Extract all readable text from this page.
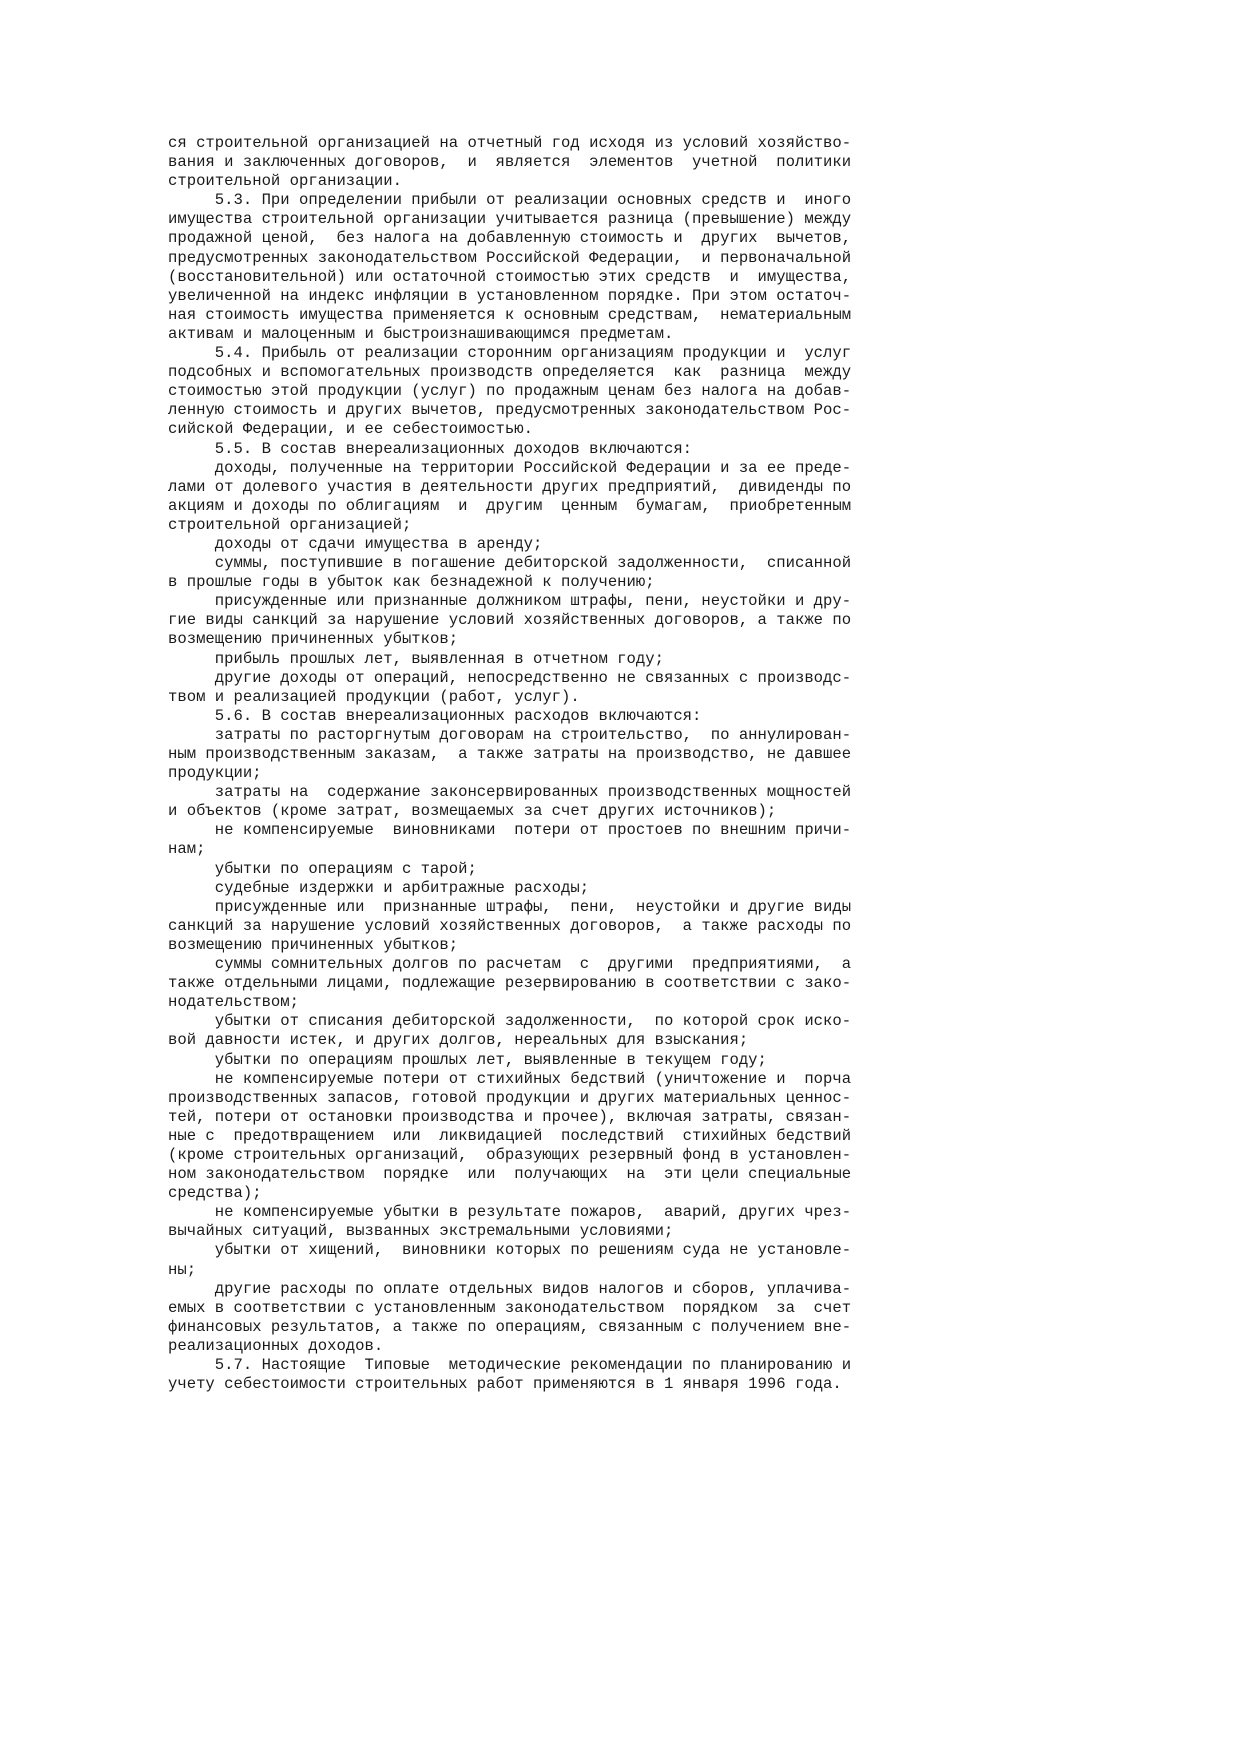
ся строительной организацией на отчетный год исходя из условий хозяйство-
вания и заключенных договоров,  и  является  элементов  учетной  политики
строительной организации.
5.3. При определении прибыли от реализации основных средств и  иного
имущества строительной организации учитывается разница (превышение) между
продажной ценой,  без налога на добавленную стоимость и  других  вычетов,
предусмотренных законодательством Российской Федерации,  и первоначальной
(восстановительной) или остаточной стоимостью этих средств  и  имущества,
увеличенной на индекс инфляции в установленном порядке. При этом остаточ-
ная стоимость имущества применяется к основным средствам,  нематериальным
активам и малоценным и быстроизнашивающимся предметам.
5.4. Прибыль от реализации сторонним организациям продукции и  услуг
подсобных и вспомогательных производств определяется  как  разница  между
стоимостью этой продукции (услуг) по продажным ценам без налога на добав-
ленную стоимость и других вычетов, предусмотренных законодательством Рос-
сийской Федерации, и ее себестоимостью.
5.5. В состав внереализационных доходов включаются:
доходы, полученные на территории Российской Федерации и за ее преде-
лами от долевого участия в деятельности других предприятий,  дивиденды по
акциям и доходы по облигациям  и  другим  ценным  бумагам,  приобретенным
строительной организацией;
доходы от сдачи имущества в аренду;
суммы, поступившие в погашение дебиторской задолженности,  списанной
в прошлые годы в убыток как безнадежной к получению;
присужденные или признанные должником штрафы, пени, неустойки и дру-
гие виды санкций за нарушение условий хозяйственных договоров, а также по
возмещению причиненных убытков;
прибыль прошлых лет, выявленная в отчетном году;
другие доходы от операций, непосредственно не связанных с производс-
твом и реализацией продукции (работ, услуг).
5.6. В состав внереализационных расходов включаются:
затраты по расторгнутым договорам на строительство,  по аннулирован-
ным производственным заказам,  а также затраты на производство, не давшее
продукции;
затраты на  содержание законсервированных производственных мощностей
и объектов (кроме затрат, возмещаемых за счет других источников);
не компенсируемые  виновниками  потери от простоев по внешним причи-
нам;
убытки по операциям с тарой;
судебные издержки и арбитражные расходы;
присужденные или  признанные штрафы,  пени,  неустойки и другие виды
санкций за нарушение условий хозяйственных договоров,  а также расходы по
возмещению причиненных убытков;
суммы сомнительных долгов по расчетам  с  другими  предприятиями,  а
также отдельными лицами, подлежащие резервированию в соответствии с зако-
нодательством;
убытки от списания дебиторской задолженности,  по которой срок иско-
вой давности истек, и других долгов, нереальных для взыскания;
убытки по операциям прошлых лет, выявленные в текущем году;
не компенсируемые потери от стихийных бедствий (уничтожение и  порча
производственных запасов, готовой продукции и других материальных ценнос-
тей, потери от остановки производства и прочее), включая затраты, связан-
ные с  предотвращением  или  ликвидацией  последствий  стихийных бедствий
(кроме строительных организаций,  образующих резервный фонд в установлен-
ном законодательством  порядке  или  получающих  на  эти цели специальные
средства);
не компенсируемые убытки в результате пожаров,  аварий, других чрез-
вычайных ситуаций, вызванных экстремальными условиями;
убытки от хищений,  виновники которых по решениям суда не установле-
ны;
другие расходы по оплате отдельных видов налогов и сборов, уплачива-
емых в соответствии с установленным законодательством  порядком  за  счет
финансовых результатов, а также по операциям, связанным с получением вне-
реализационных доходов.
5.7. Настоящие  Типовые  методические рекомендации по планированию и
учету себестоимости строительных работ применяются в 1 января 1996 года.
